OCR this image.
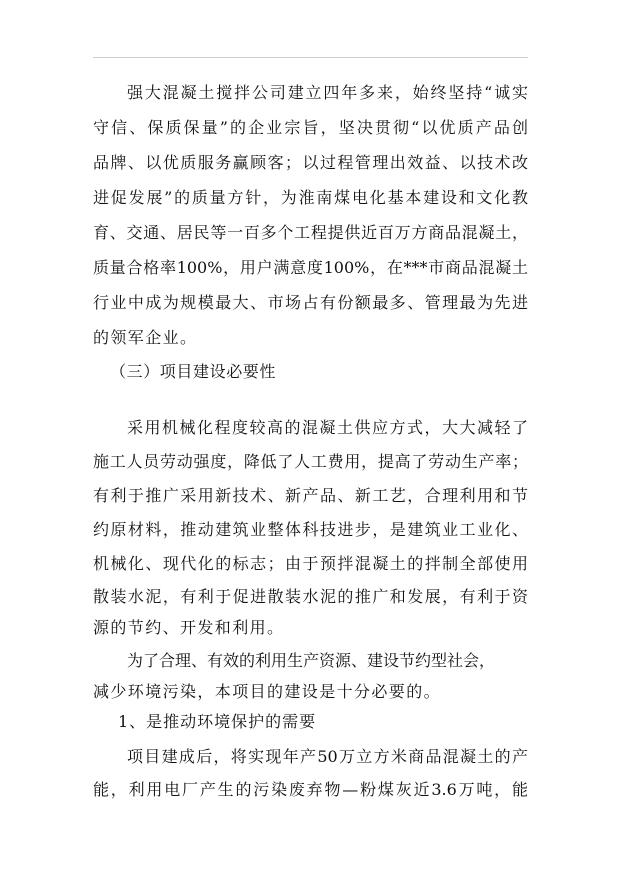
强大混凝土搅拌公司建立四年多来，始终坚持“诚实
守信、保质保量”的企业宗旨，坚决贯彻“以优质产品创
品牌、以优质服务赢顾客；以过程管理出效益、以技术改
进促发展”的质量方针，为淮南煤电化基本建设和文化教
育、交通、居民等一百多个工程提供近百万方商品混凝土，
质量合格率100%，用户满意度100%，在***市商品混凝土
行业中成为规模最大、市场占有份额最多、管理最为先进
的领军企业。
（三）项目建设必要性
采用机械化程度较高的混凝土供应方式，大大减轻了
施工人员劳动强度，降低了人工费用，提高了劳动生产率；
有利于推广采用新技术、新产品、新工艺，合理利用和节
约原材料，推动建筑业整体科技进步，是建筑业工业化、
机械化、现代化的标志；由于预拌混凝土的拌制全部使用
散装水泥，有利于促进散装水泥的推广和发展，有利于资
源的节约、开发和利用。
为了合理、有效的利用生产资源、建设节约型社会，
减少环境污染，本项目的建设是十分必要的。
1、是推动环境保护的需要
项目建成后，将实现年产50万立方米商品混凝土的产
能，利用电厂产生的污染废弃物—粉煤灰近3.6万吨，能
